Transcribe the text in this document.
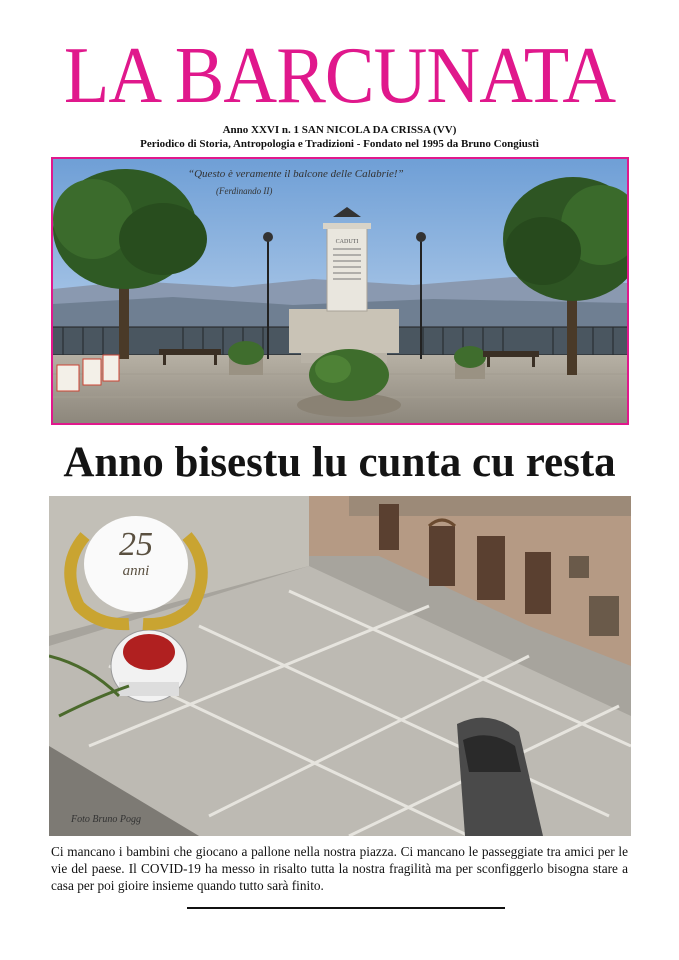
LA BARCUNATA
Anno XXVI n. 1 SAN NICOLA DA CRISSA (VV)
Periodico di Storia, Antropologia e Tradizioni - Fondato nel 1995 da Bruno Congiustì
CADUTI
“Questo è veramente il balcone delle Calabrie!”
(Ferdinando II)
Anno bisestu lu cunta cu resta
25
anni
Foto Bruno Pogg
Ci mancano i bambini che giocano a pallone nella nostra piazza. Ci mancano le passeggiate tra amici per le vie del paese. Il COVID-19 ha messo in risalto tutta la nostra fragilità ma per sconfiggerlo bisogna stare a casa per poi gioire insieme quando tutto sarà finito.
